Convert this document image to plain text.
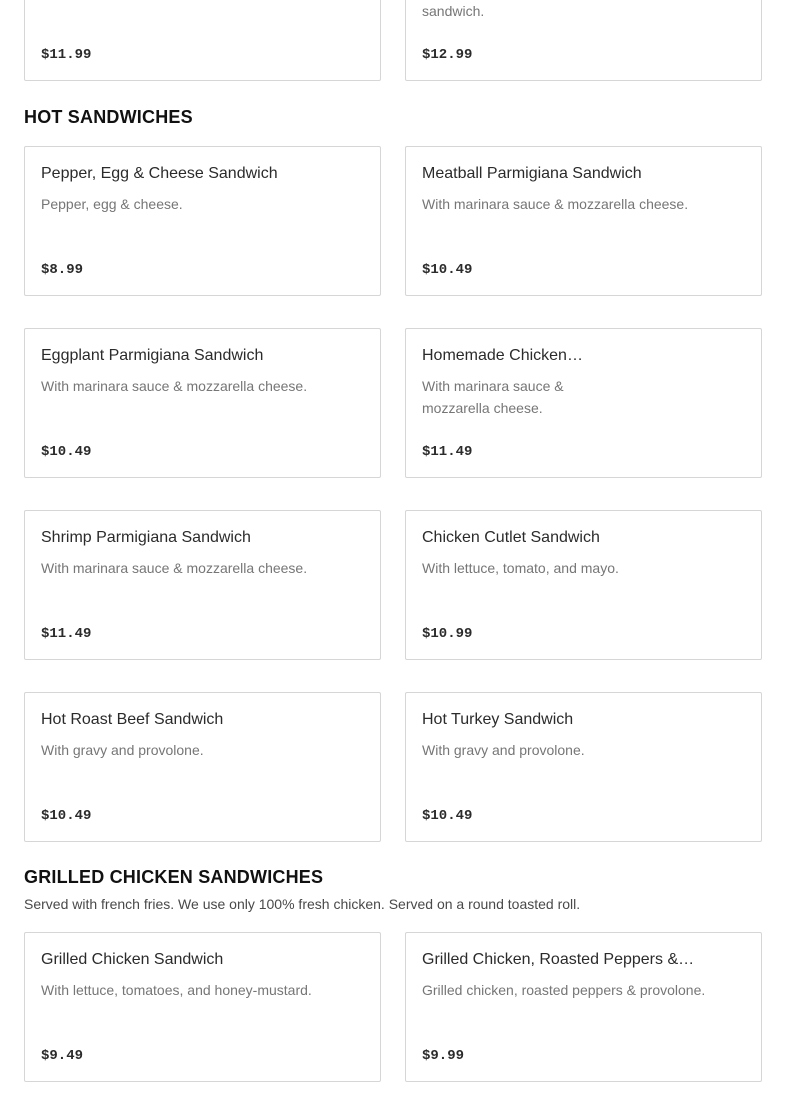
$11.99
sandwich.
$12.99
HOT SANDWICHES
Pepper, Egg & Cheese Sandwich
Pepper, egg & cheese.
$8.99
Meatball Parmigiana Sandwich
With marinara sauce & mozzarella cheese.
$10.49
Eggplant Parmigiana Sandwich
With marinara sauce & mozzarella cheese.
$10.49
Homemade Chicken…
With marinara sauce &
mozzarella cheese.
$11.49
Shrimp Parmigiana Sandwich
With marinara sauce & mozzarella cheese.
$11.49
Chicken Cutlet Sandwich
With lettuce, tomato, and mayo.
$10.99
Hot Roast Beef Sandwich
With gravy and provolone.
$10.49
Hot Turkey Sandwich
With gravy and provolone.
$10.49
GRILLED CHICKEN SANDWICHES
Served with french fries. We use only 100% fresh chicken. Served on a round toasted roll.
Grilled Chicken Sandwich
With lettuce, tomatoes, and honey-mustard.
$9.49
Grilled Chicken, Roasted Peppers &…
Grilled chicken, roasted peppers & provolone.
$9.99
